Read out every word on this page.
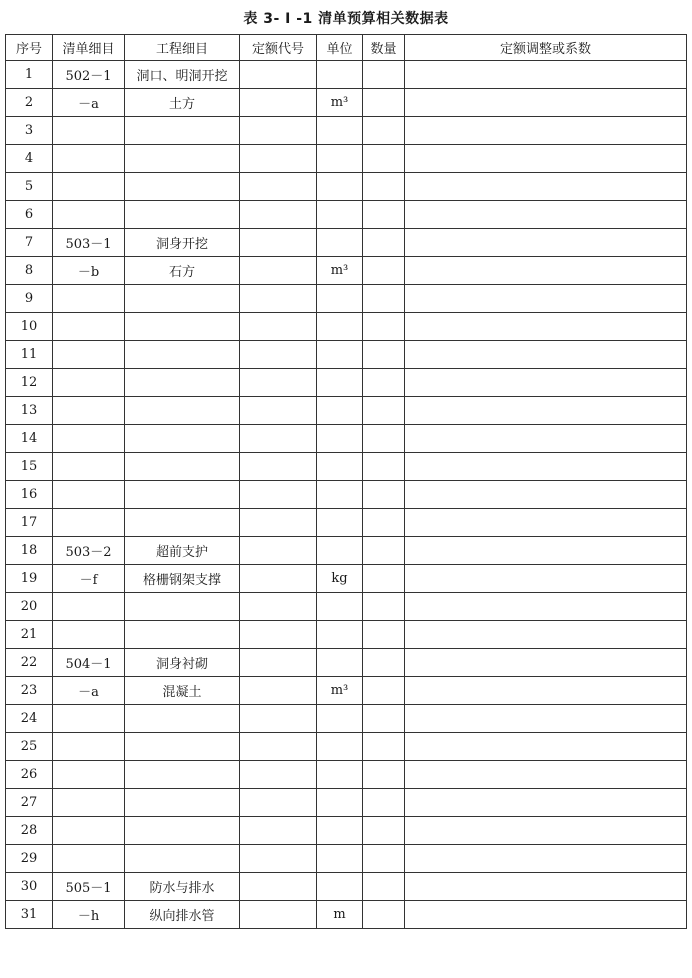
表 3- Ⅰ -1 清单预算相关数据表
序号	清单细目	工程细目	定额代号	单位	数量	定额调整或系数
1	502－1	洞口、明洞开挖				
2	－a	土方		m³		
3						
4						
5						
6						
7	503－1	洞身开挖				
8	－b	石方		m³		
9						
10						
11						
12						
13						
14						
15						
16						
17						
18	503－2	超前支护				
19	－f	格栅钢架支撑		kg		
20						
21						
22	504－1	洞身衬砌				
23	－a	混凝土		m³		
24						
25						
26						
27						
28						
29						
30	505－1	防水与排水				
31	－h	纵向排水管		m		
